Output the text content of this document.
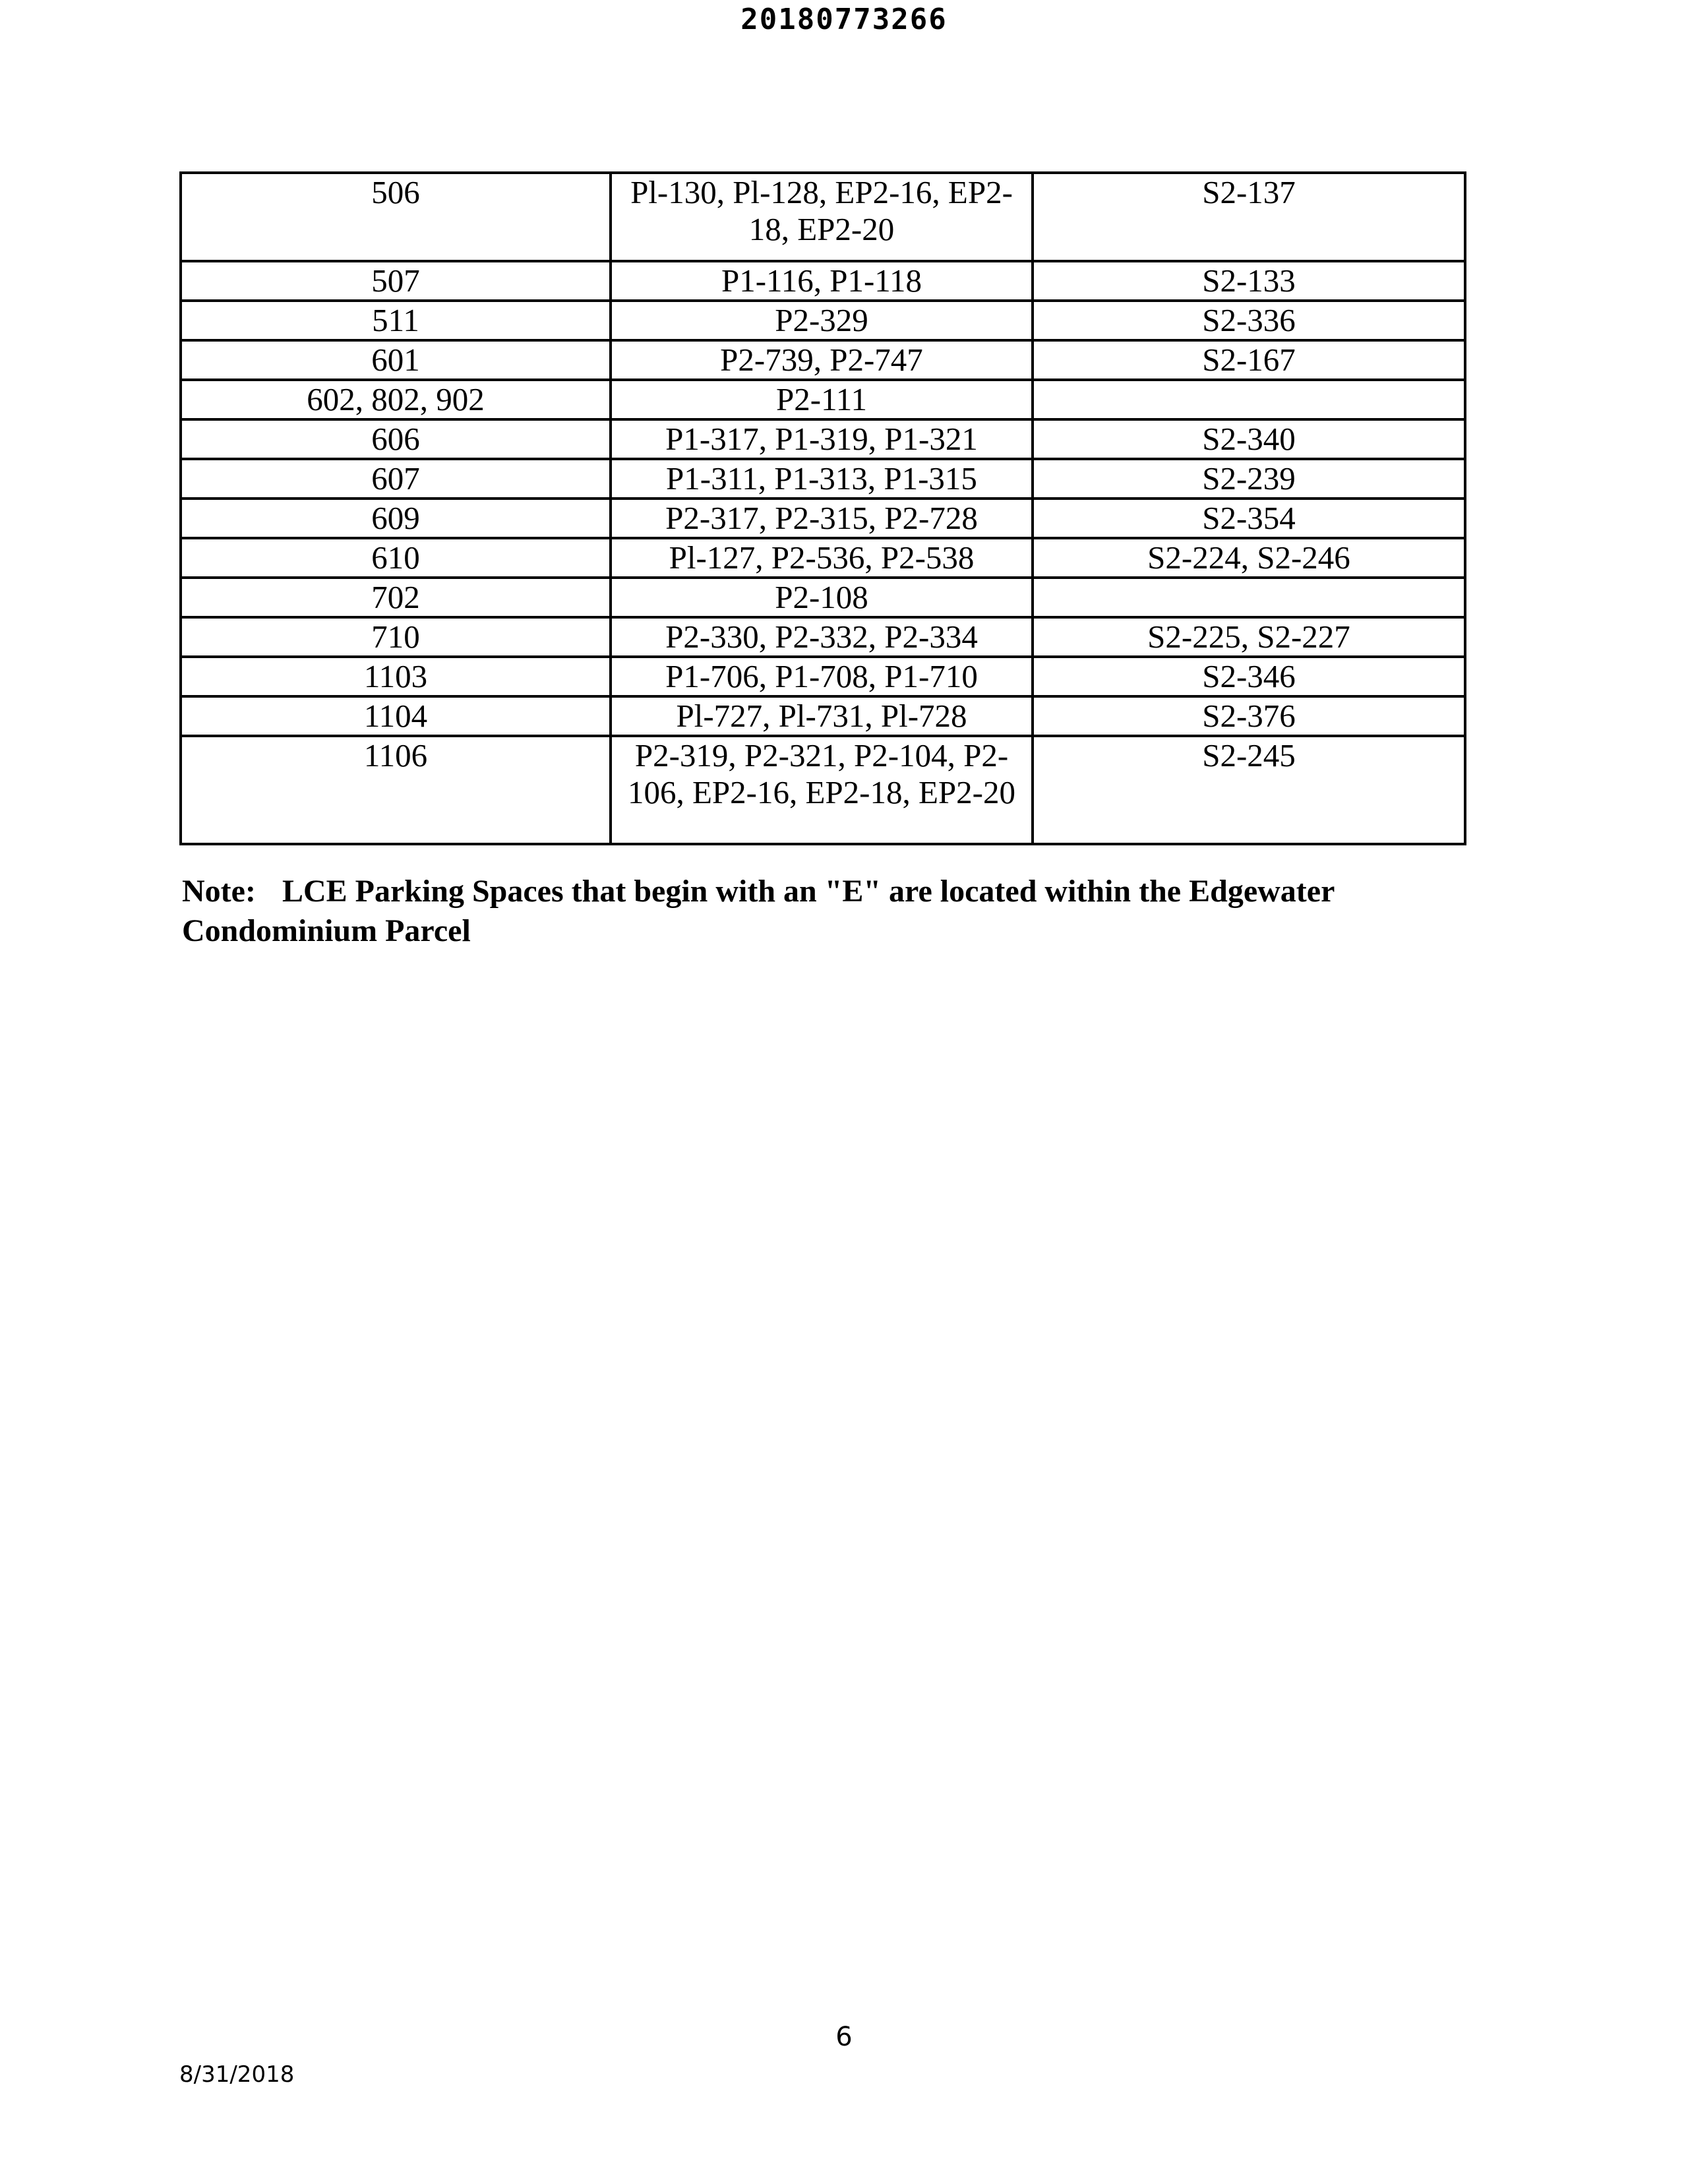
20180773266
506	Pl-130, Pl-128, EP2-16, EP2-18, EP2-20	S2-137
507	P1-116, P1-118	S2-133
511	P2-329	S2-336
601	P2-739, P2-747	S2-167
602, 802, 902	P2-111	
606	P1-317, P1-319, P1-321	S2-340
607	P1-311, P1-313, P1-315	S2-239
609	P2-317, P2-315, P2-728	S2-354
610	Pl-127, P2-536, P2-538	S2-224, S2-246
702	P2-108	
710	P2-330, P2-332, P2-334	S2-225, S2-227
1103	P1-706, P1-708, P1-710	S2-346
1104	Pl-727, Pl-731, Pl-728	S2-376
1106	P2-319, P2-321, P2-104, P2-106, EP2-16, EP2-18, EP2-20	S2-245
Note: LCE Parking Spaces that begin with an "E" are located within the Edgewater Condominium Parcel
6
8/31/2018
